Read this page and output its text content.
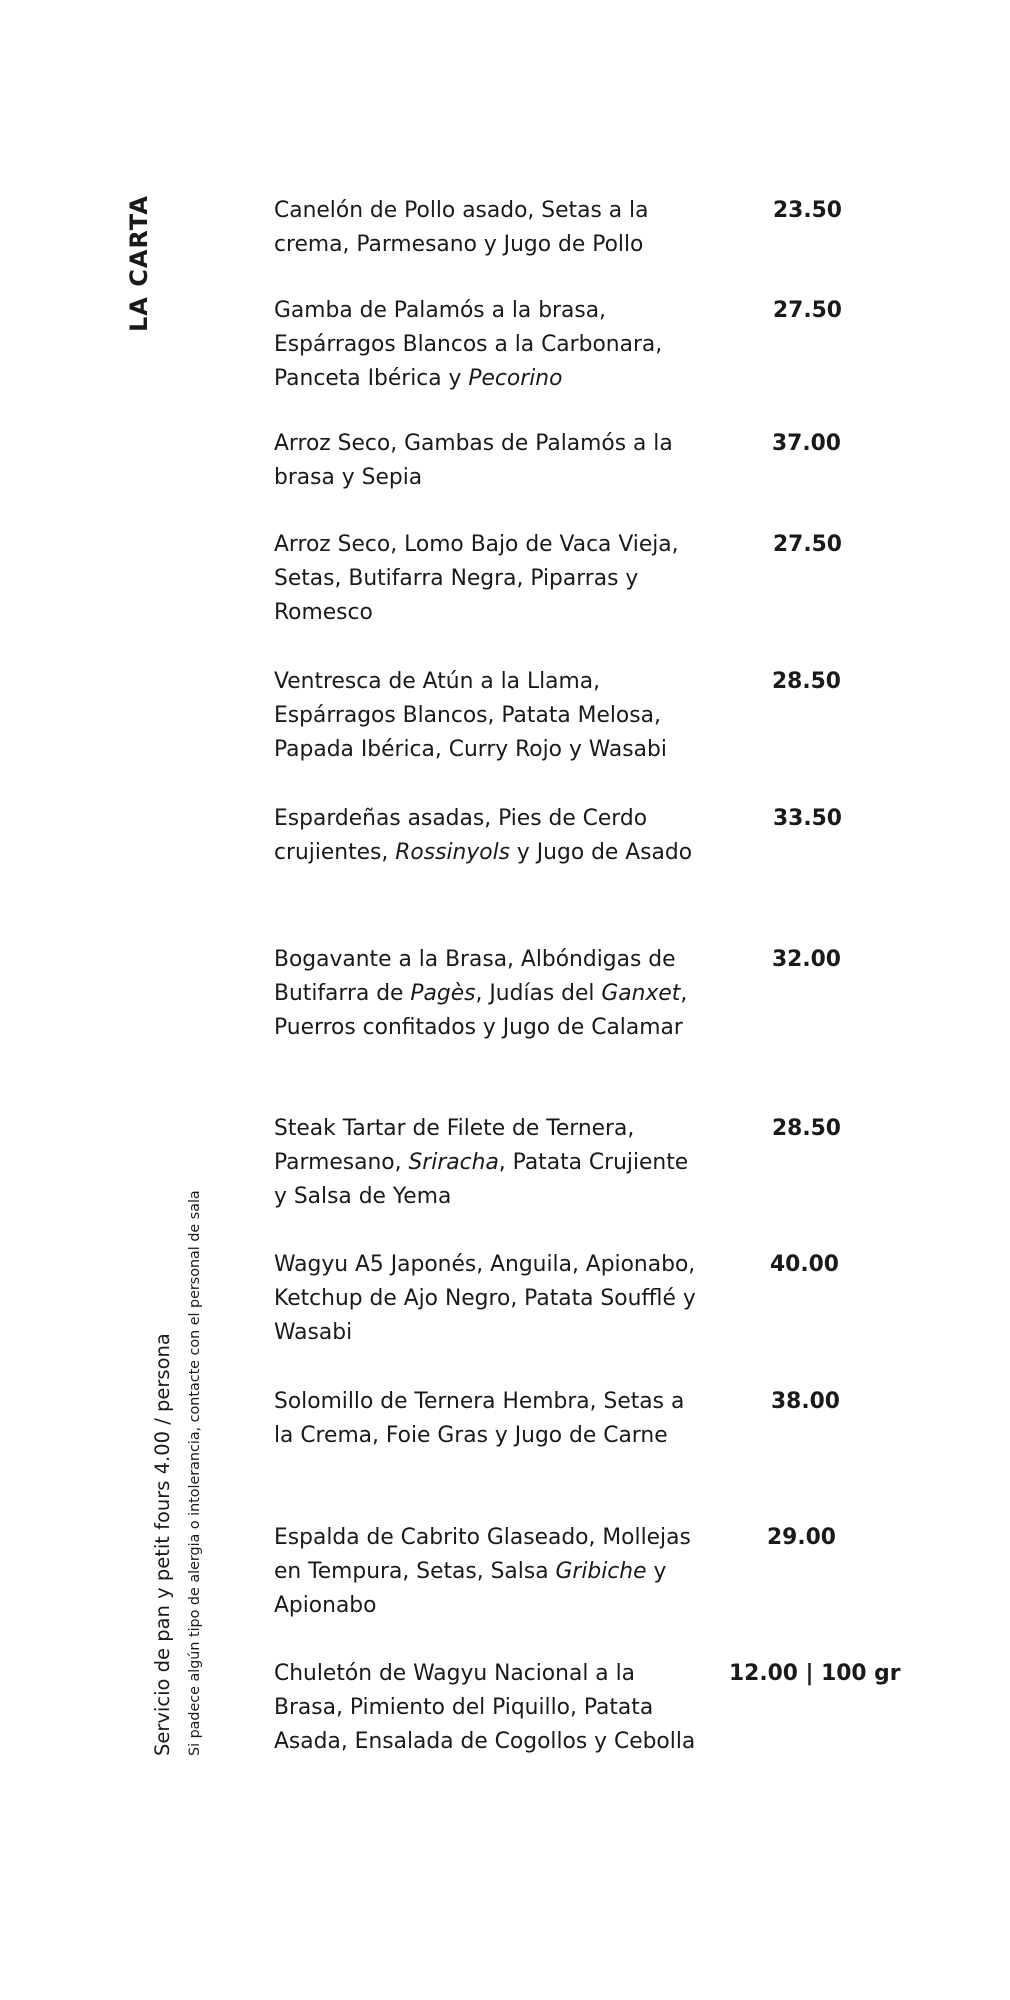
LA CARTA

Servicio de pan y petit fours 4.00 / persona Si padece algún tipo de alergia o intolerancia, contacte con el personal de sala

Canelón de Pollo asado, Setas a la crema, Parmesano y Jugo de Pollo

23.50

Gamba de Palamós a la brasa, Espárragos Blancos a la Carbonara, Panceta Ibérica y Pecorino

27.50

Arroz Seco, Gambas de Palamós a la brasa y Sepia

37.00

Arroz Seco, Lomo Bajo de Vaca Vieja, Setas, Butifarra Negra, Piparras y Romesco

27.50

Ventresca de Atún a la Llama, Espárragos Blancos, Patata Melosa, Papada Ibérica, Curry Rojo y Wasabi

28.50

Espardeñas asadas, Pies de Cerdo crujientes, Rossinyols y Jugo de Asado

33.50

Bogavante a la Brasa, Albóndigas de Butifarra de Pagès, Judías del Ganxet, Puerros confitados y Jugo de Calamar

32.00

Steak Tartar de Filete de Ternera, Parmesano, Sriracha, Patata Crujiente y Salsa de Yema

28.50

Wagyu A5 Japonés, Anguila, Apionabo, Ketchup de Ajo Negro, Patata Soufflé y Wasabi

40.00

Solomillo de Ternera Hembra, Setas a la Crema, Foie Gras y Jugo de Carne

38.00

Espalda de Cabrito Glaseado, Mollejas en Tempura, Setas, Salsa Gribiche y Apionabo

29.00

Chuletón de Wagyu Nacional a la Brasa, Pimiento del Piquillo, Patata Asada, Ensalada de Cogollos y Cebolla

12.00 | 100 gr
